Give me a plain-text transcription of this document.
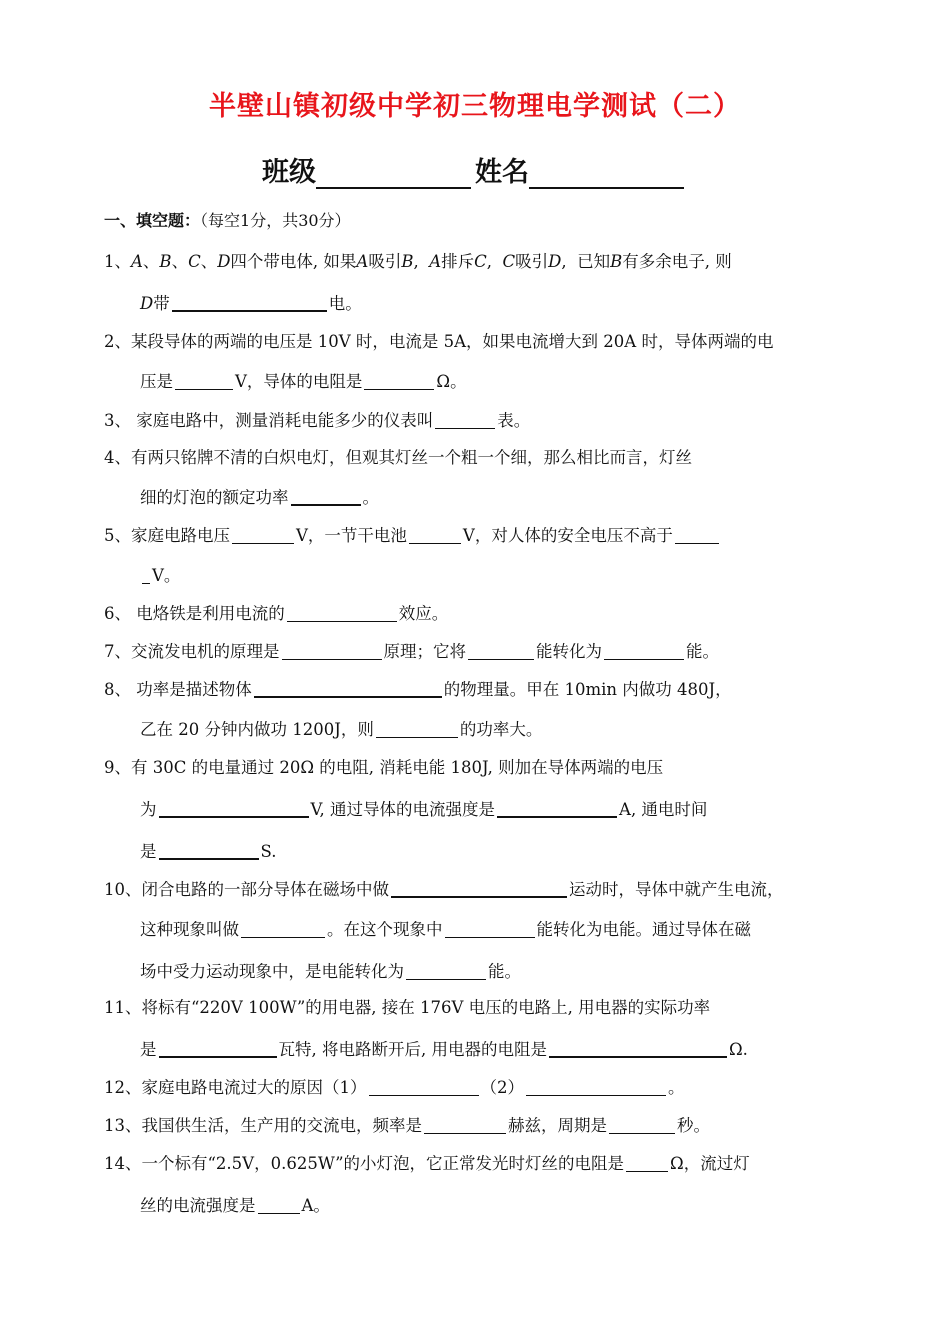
半壁山镇初级中学初三物理电学测试（二）
班级	姓名
一、填空题：（每空1分，共30分）
1、A、B、C、D四个带电体, 如果A吸引B,  A排斥C,  C吸引D,  已知B有多余电子, 则
D带	电。
2、某段导体的两端的电压是 10V 时，电流是 5A，如果电流增大到 20A 时，导体两端的电
压是	V，导体的电阻是	Ω。
3、 家庭电路中，测量消耗电能多少的仪表叫	表。
4、有两只铭牌不清的白炽电灯，但观其灯丝一个粗一个细，那么相比而言，灯丝
细的灯泡的额定功率	。
5、家庭电路电压	V，一节干电池	V，对人体的安全电压不高于
V。
6、 电烙铁是利用电流的	效应。
7、交流发电机的原理是	原理；它将	能转化为	能。
8、 功率是描述物体	的物理量。甲在 10min 内做功 480J，
乙在 20 分钟内做功 1200J，则	的功率大。
9、有 30C 的电量通过 20Ω 的电阻, 消耗电能 180J, 则加在导体两端的电压
为	V, 通过导体的电流强度是	A, 通电时间
是	S.
10、闭合电路的一部分导体在磁场中做	运动时，导体中就产生电流，
这种现象叫做	。在这个现象中	能转化为电能。通过导体在磁
场中受力运动现象中，是电能转化为	能。
11、将标有“220V 100W”的用电器, 接在 176V 电压的电路上, 用电器的实际功率
是	瓦特, 将电路断开后, 用电器的电阻是	Ω.
12、家庭电路电流过大的原因（1）	（2）	。
13、我国供生活，生产用的交流电，频率是	赫兹，周期是	秒。
14、一个标有“2.5V，0.625W”的小灯泡，它正常发光时灯丝的电阻是	Ω，流过灯
丝的电流强度是	A。
